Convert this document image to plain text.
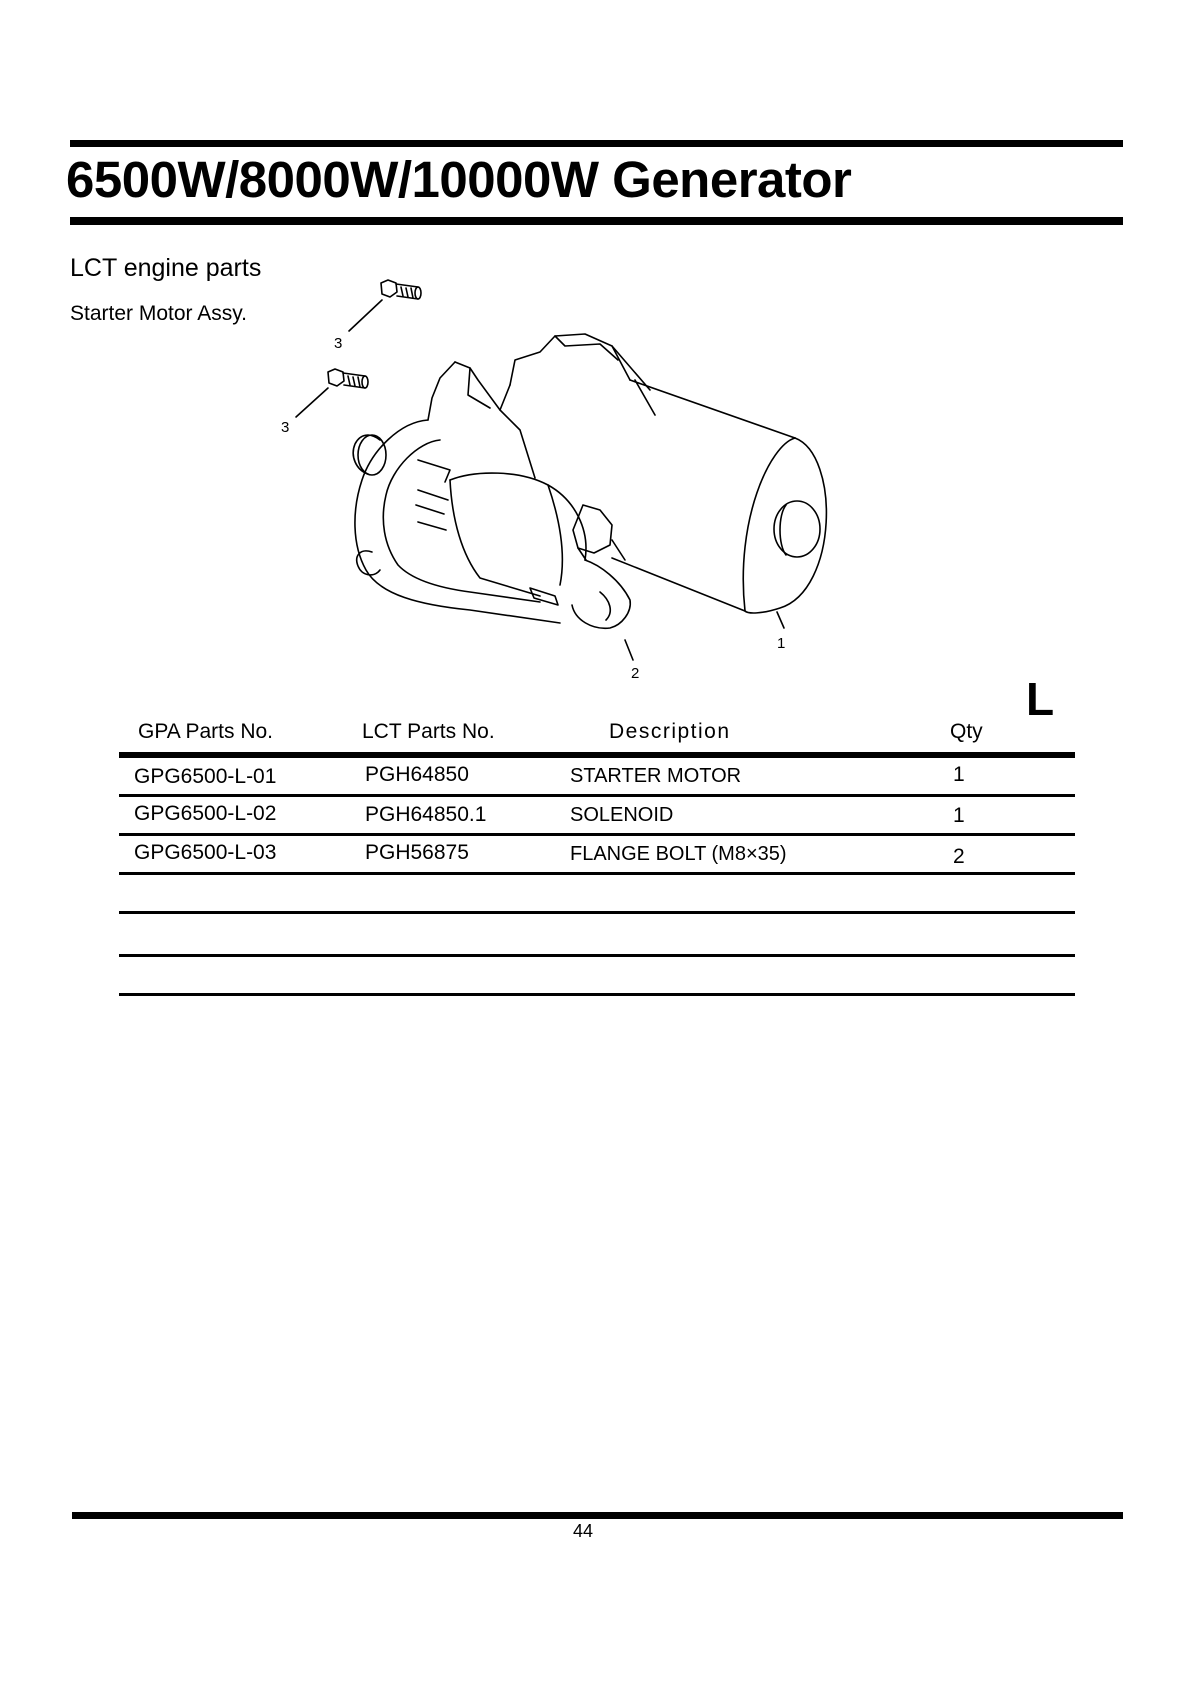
6500W/8000W/10000W Generator
LCT engine parts
Starter Motor Assy.
3
3
1
2	L
GPA Parts No.	LCT Parts No.	Description	Qty
GPG6500-L-01	PGH64850	STARTER MOTOR	1
GPG6500-L-02	PGH64850.1	SOLENOID	1
GPG6500-L-03	PGH56875	FLANGE BOLT (M8×35)	2
44
